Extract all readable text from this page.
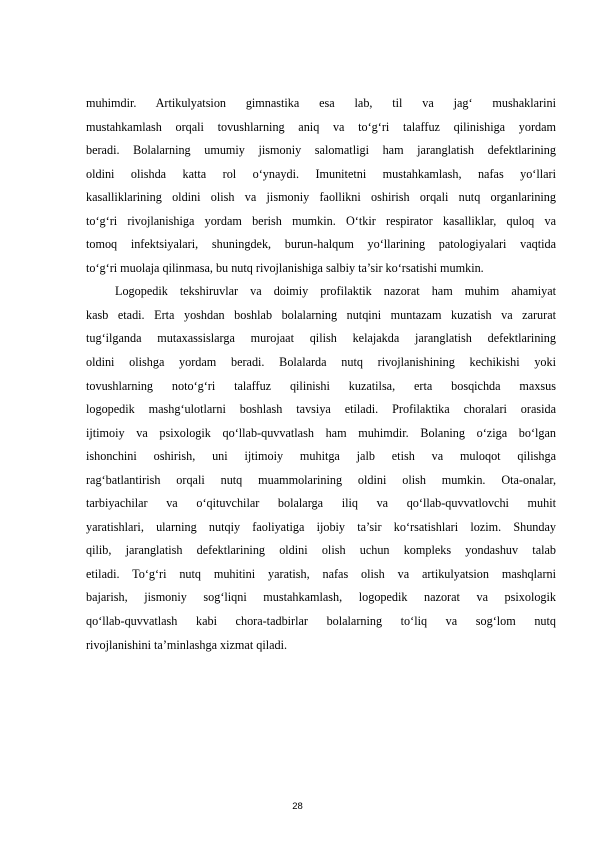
muhimdir. Artikulyatsion gimnastika esa lab, til va jag‘ mushaklarini
mustahkamlash orqali tovushlarning aniq va to‘g‘ri talaffuz qilinishiga yordam
beradi. Bolalarning umumiy jismoniy salomatligi ham jaranglatish defektlarining
oldini olishda katta rol o‘ynaydi. Imunitetni mustahkamlash, nafas yo‘llari
kasalliklarining oldini olish va jismoniy faollikni oshirish orqali nutq organlarining
to‘g‘ri rivojlanishiga yordam berish mumkin. O‘tkir respirator kasalliklar, quloq va
tomoq infektsiyalari, shuningdek, burun-halqum yo‘llarining patologiyalari vaqtida
to‘g‘ri muolaja qilinmasa, bu nutq rivojlanishiga salbiy ta’sir ko‘rsatishi mumkin.
Logopedik tekshiruvlar va doimiy profilaktik nazorat ham muhim ahamiyat
kasb etadi. Erta yoshdan boshlab bolalarning nutqini muntazam kuzatish va zarurat
tug‘ilganda mutaxassislarga murojaat qilish kelajakda jaranglatish defektlarining
oldini olishga yordam beradi. Bolalarda nutq rivojlanishining kechikishi yoki
tovushlarning noto‘g‘ri talaffuz qilinishi kuzatilsa, erta bosqichda maxsus
logopedik mashg‘ulotlarni boshlash tavsiya etiladi. Profilaktika choralari orasida
ijtimoiy va psixologik qo‘llab-quvvatlash ham muhimdir. Bolaning o‘ziga bo‘lgan
ishonchini oshirish, uni ijtimoiy muhitga jalb etish va muloqot qilishga
rag‘batlantirish orqali nutq muammolarining oldini olish mumkin. Ota-onalar,
tarbiyachilar va o‘qituvchilar bolalarga iliq va qo‘llab-quvvatlovchi muhit
yaratishlari, ularning nutqiy faoliyatiga ijobiy ta’sir ko‘rsatishlari lozim. Shunday
qilib, jaranglatish defektlarining oldini olish uchun kompleks yondashuv talab
etiladi. To‘g‘ri nutq muhitini yaratish, nafas olish va artikulyatsion mashqlarni
bajarish, jismoniy sog‘liqni mustahkamlash, logopedik nazorat va psixologik
qo‘llab-quvvatlash kabi chora-tadbirlar bolalarning to‘liq va sog‘lom nutq
rivojlanishini ta’minlashga xizmat qiladi.
28
